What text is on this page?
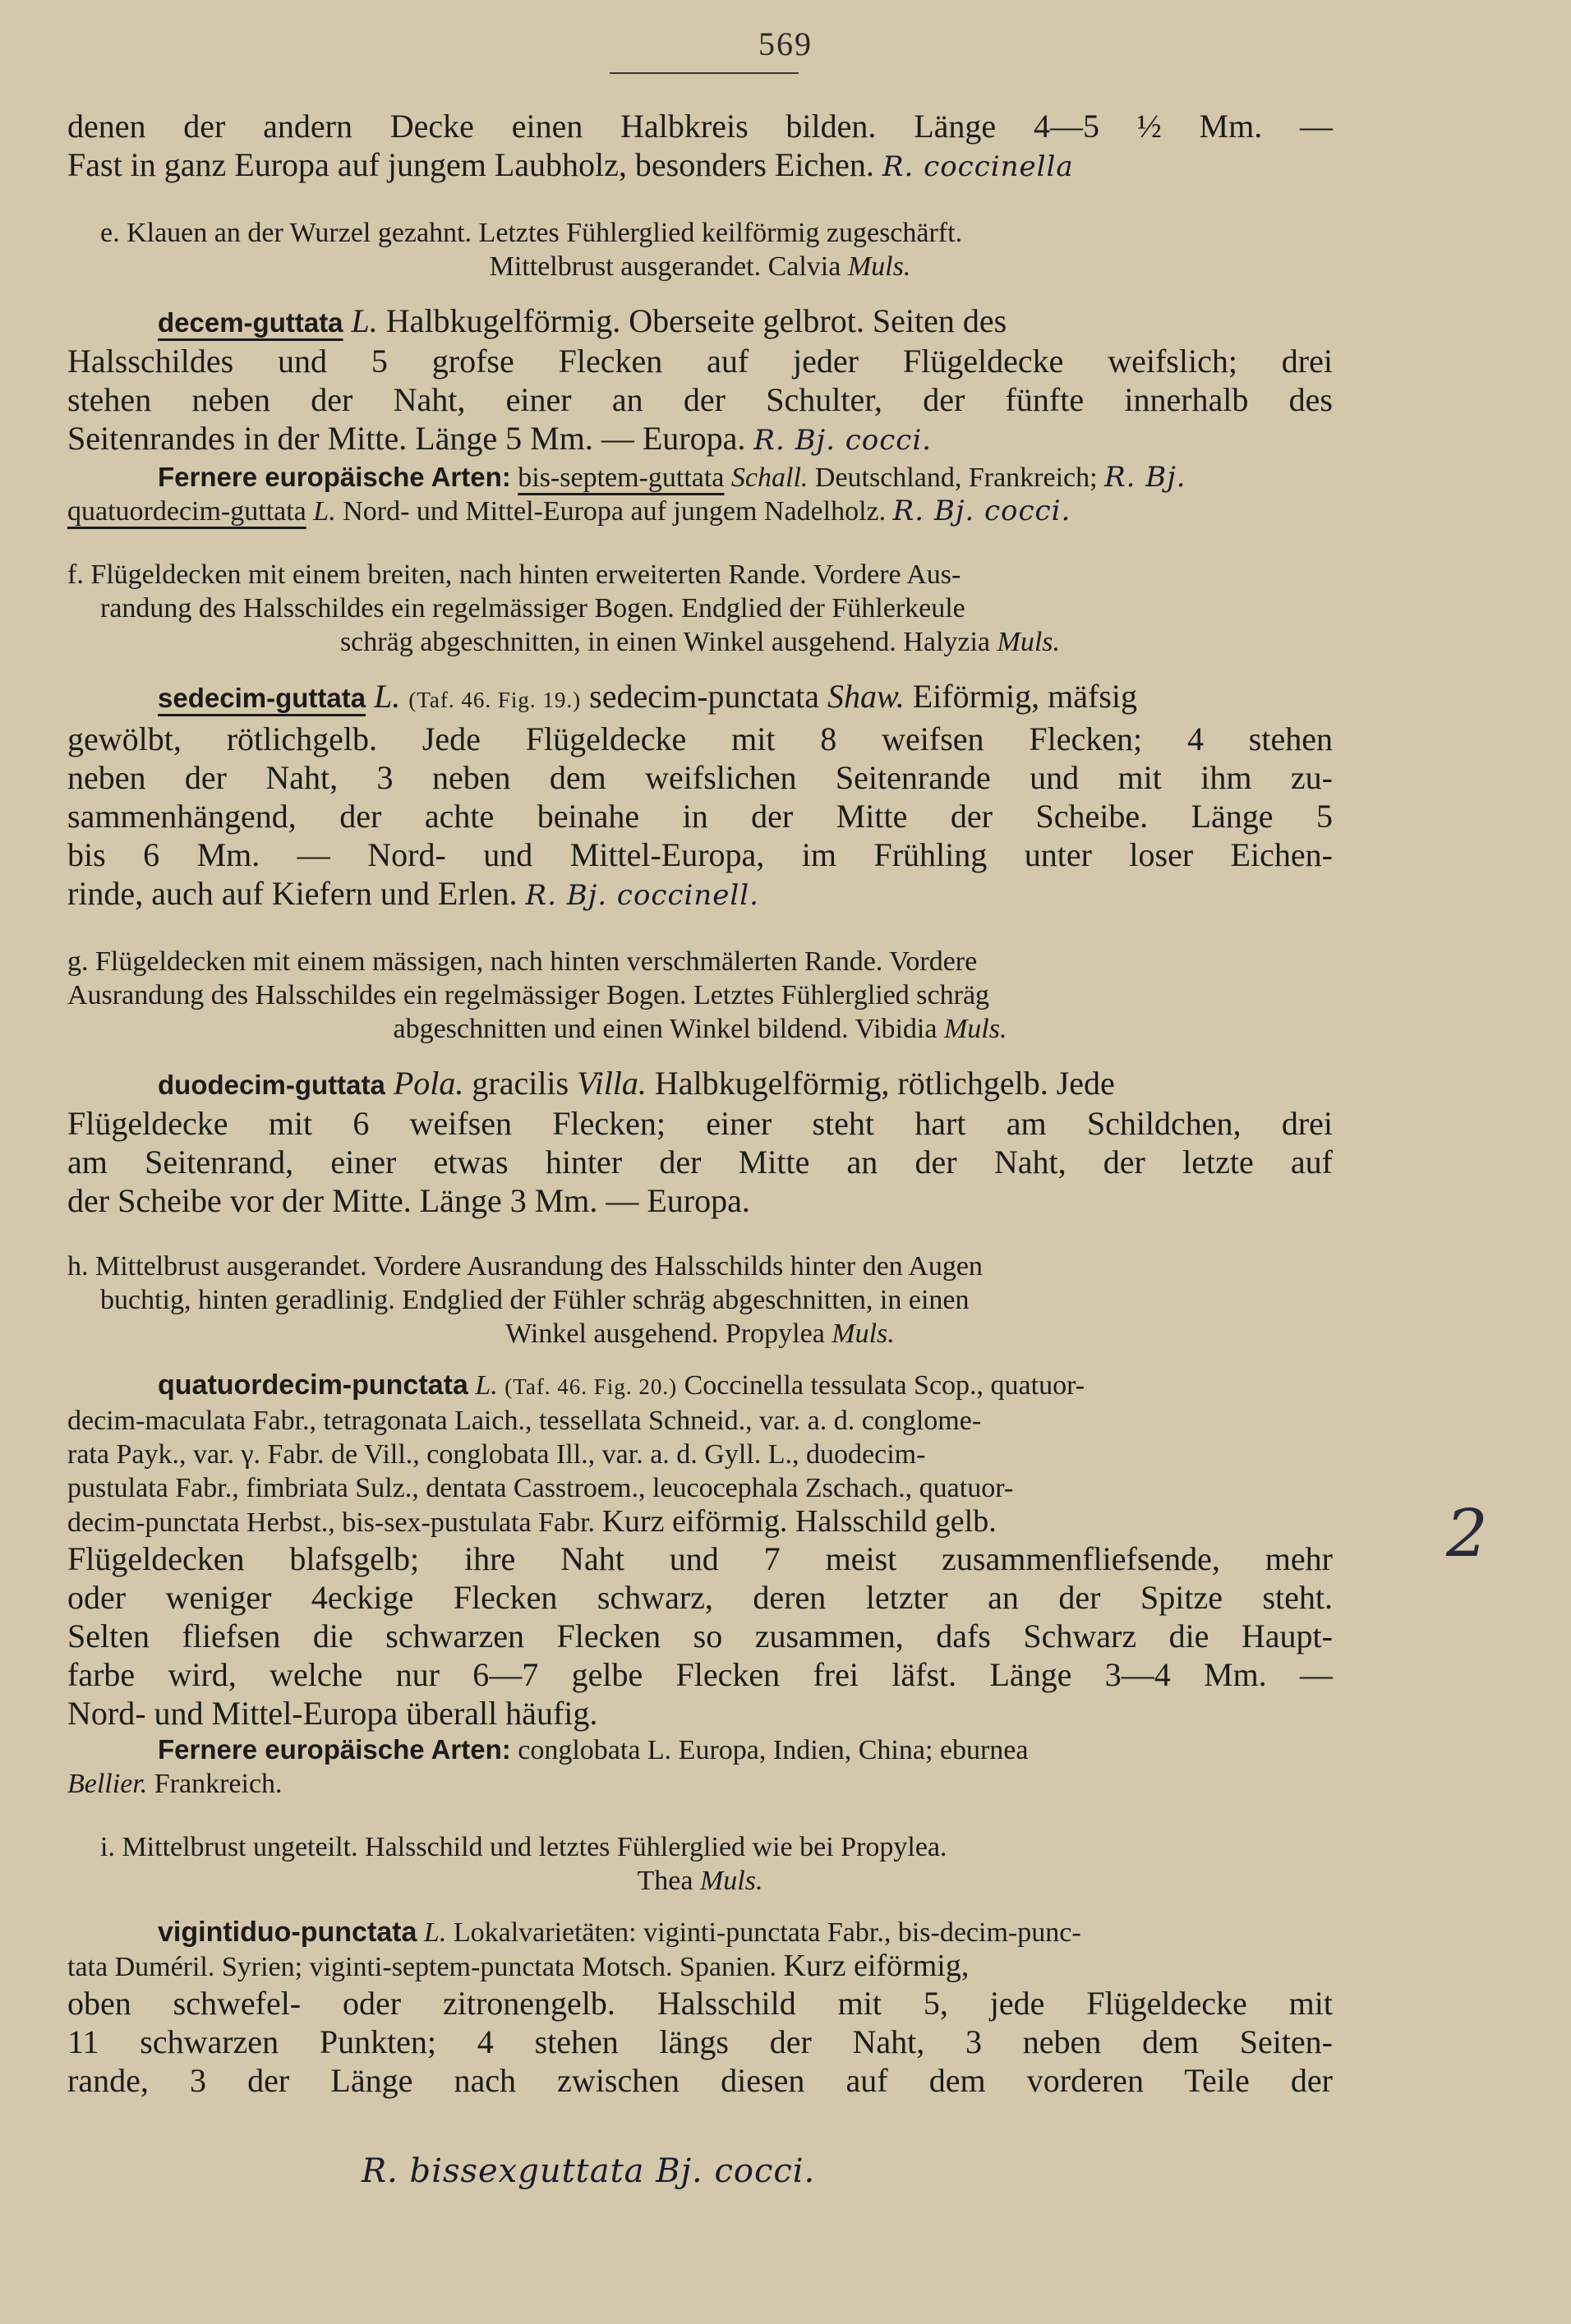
569
denen der andern Decke einen Halbkreis bilden. Länge 4—5 ½ Mm. —
Fast in ganz Europa auf jungem Laubholz, besonders Eichen. R. coccinella
e. Klauen an der Wurzel gezahnt. Letztes Fühlerglied keilförmig zugeschärft.
Mittelbrust ausgerandet. Calvia Muls.
decem-guttata L. Halbkugelförmig. Oberseite gelbrot. Seiten des
Halsschildes und 5 grofse Flecken auf jeder Flügeldecke weifslich; drei
stehen neben der Naht, einer an der Schulter, der fünfte innerhalb des
Seitenrandes in der Mitte. Länge 5 Mm. — Europa. R. Bj. cocci.
Fernere europäische Arten: bis-septem-guttata Schall. Deutschland, Frankreich; R. Bj.
quatuordecim-guttata L. Nord- und Mittel-Europa auf jungem Nadelholz. R. Bj. cocci.
f. Flügeldecken mit einem breiten, nach hinten erweiterten Rande. Vordere Aus-
randung des Halsschildes ein regelmässiger Bogen. Endglied der Fühlerkeule
schräg abgeschnitten, in einen Winkel ausgehend. Halyzia Muls.
sedecim-guttata L. (Taf. 46. Fig. 19.) sedecim-punctata Shaw. Eiförmig, mäfsig
gewölbt, rötlichgelb. Jede Flügeldecke mit 8 weifsen Flecken; 4 stehen
neben der Naht, 3 neben dem weifslichen Seitenrande und mit ihm zu-
sammenhängend, der achte beinahe in der Mitte der Scheibe. Länge 5
bis 6 Mm. — Nord- und Mittel-Europa, im Frühling unter loser Eichen-
rinde, auch auf Kiefern und Erlen. R. Bj. coccinell.
g. Flügeldecken mit einem mässigen, nach hinten verschmälerten Rande. Vordere
Ausrandung des Halsschildes ein regelmässiger Bogen. Letztes Fühlerglied schräg
abgeschnitten und einen Winkel bildend. Vibidia Muls.
duodecim-guttata Pola. gracilis Villa. Halbkugelförmig, rötlichgelb. Jede
Flügeldecke mit 6 weifsen Flecken; einer steht hart am Schildchen, drei
am Seitenrand, einer etwas hinter der Mitte an der Naht, der letzte auf
der Scheibe vor der Mitte. Länge 3 Mm. — Europa.
h. Mittelbrust ausgerandet. Vordere Ausrandung des Halsschilds hinter den Augen
buchtig, hinten geradlinig. Endglied der Fühler schräg abgeschnitten, in einen
Winkel ausgehend. Propylea Muls.
quatuordecim-punctata L. (Taf. 46. Fig. 20.) Coccinella tessulata Scop., quatuor-
decim-maculata Fabr., tetragonata Laich., tessellata Schneid., var. a. d. conglome-
rata Payk., var. γ. Fabr. de Vill., conglobata Ill., var. a. d. Gyll. L., duodecim-
pustulata Fabr., fimbriata Sulz., dentata Casstroem., leucocephala Zschach., quatuor-
decim-punctata Herbst., bis-sex-pustulata Fabr. Kurz eiförmig. Halsschild gelb.
Flügeldecken blafsgelb; ihre Naht und 7 meist zusammenfliefsende, mehr
oder weniger 4eckige Flecken schwarz, deren letzter an der Spitze steht.
Selten fliefsen die schwarzen Flecken so zusammen, dafs Schwarz die Haupt-
farbe wird, welche nur 6—7 gelbe Flecken frei läfst. Länge 3—4 Mm. —
Nord- und Mittel-Europa überall häufig.
Fernere europäische Arten: conglobata L. Europa, Indien, China; eburnea
Bellier. Frankreich.
i. Mittelbrust ungeteilt. Halsschild und letztes Fühlerglied wie bei Propylea.
Thea Muls.
vigintiduo-punctata L. Lokalvarietäten: viginti-punctata Fabr., bis-decim-punc-
tata Duméril. Syrien; viginti-septem-punctata Motsch. Spanien. Kurz eiförmig,
oben schwefel- oder zitronengelb. Halsschild mit 5, jede Flügeldecke mit
11 schwarzen Punkten; 4 stehen längs der Naht, 3 neben dem Seiten-
rande, 3 der Länge nach zwischen diesen auf dem vorderen Teile der
R. bissexguttata Bj. cocci.
2
